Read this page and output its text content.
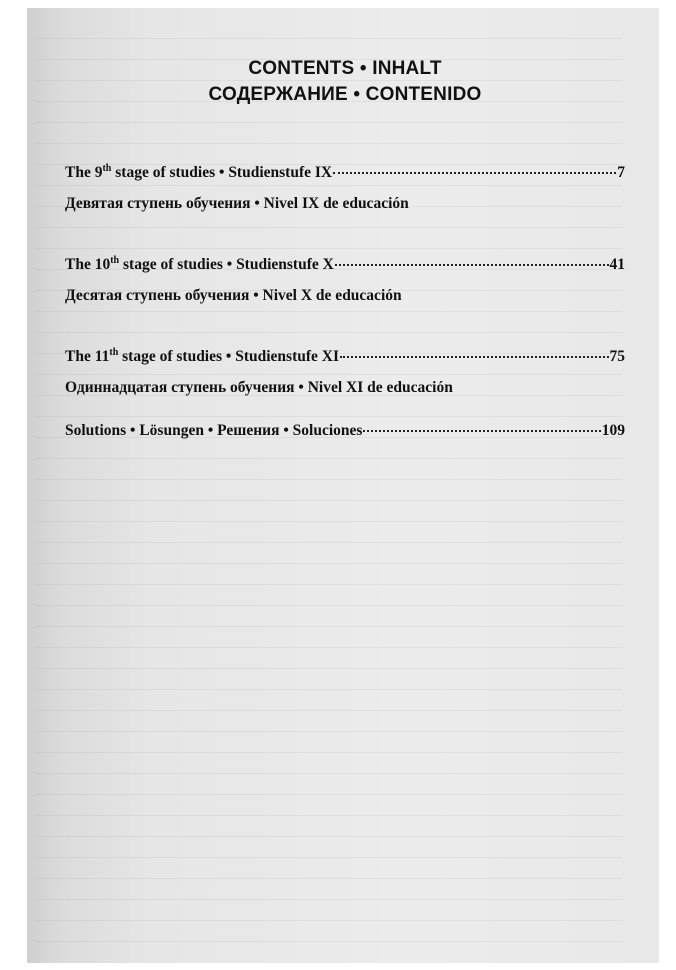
CONTENTS • INHALT
СОДЕРЖАНИЕ • CONTENIDO
The 9th stage of studies • Studienstufe IX	7
Девятая ступень обучения • Nivel IX de educación
The 10th stage of studies • Studienstufe X	41
Десятая ступень обучения • Nivel X de educación
The 11th stage of studies • Studienstufe XI	75
Одиннадцатая ступень обучения • Nivel XI de educación
Solutions • Lösungen • Решения • Soluciones	109
